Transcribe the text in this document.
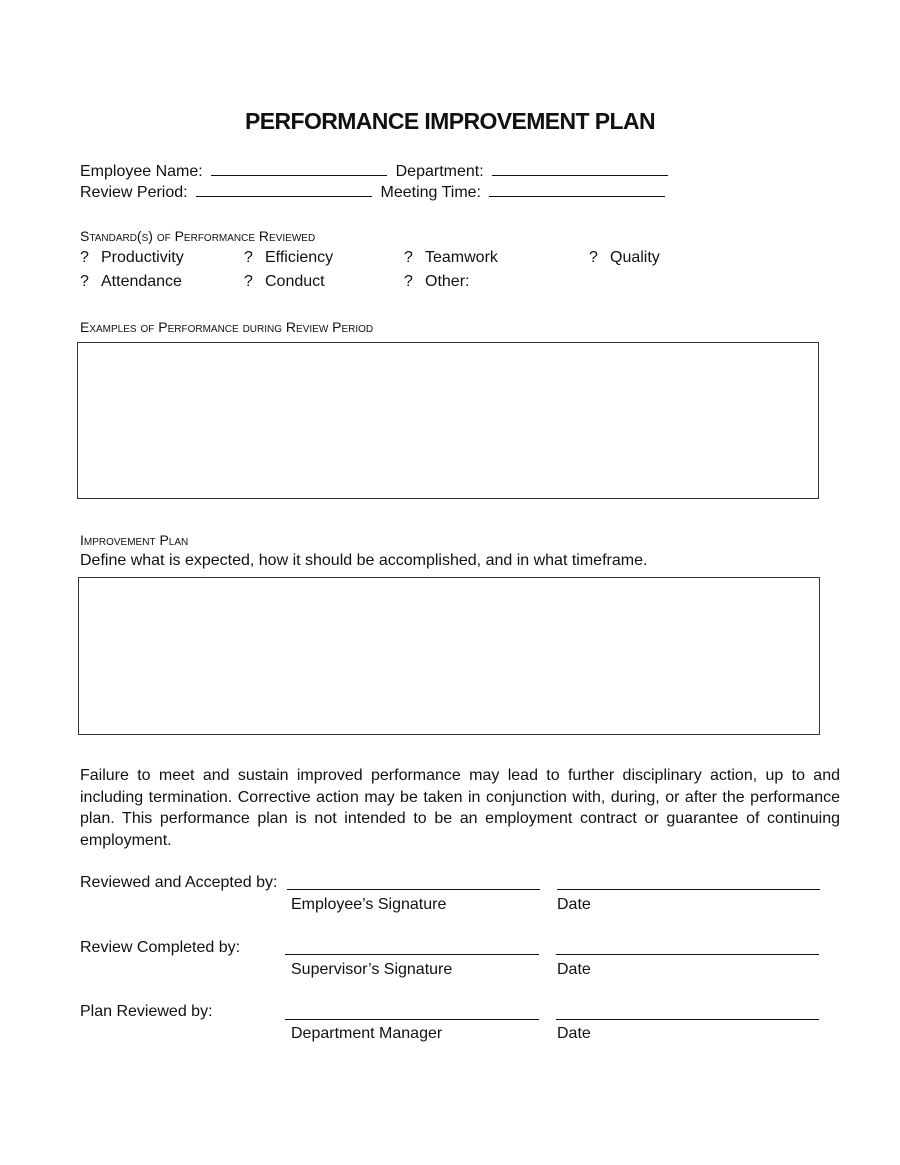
PERFORMANCE IMPROVEMENT PLAN
Employee Name:	Department:
Review Period:	Meeting Time:
Standard(s) of Performance Reviewed
? Productivity	? Efficiency	? Teamwork	? Quality
? Attendance	? Conduct	? Other:
Examples of Performance during Review Period
Improvement Plan
Define what is expected, how it should be accomplished, and in what timeframe.
Failure to meet and sustain improved performance may lead to further disciplinary action, up to and including termination. Corrective action may be taken in conjunction with, during, or after the performance plan. This performance plan is not intended to be an employment contract or guarantee of continuing employment.
Reviewed and Accepted by:
Employee’s Signature	Date
Review Completed by:
Supervisor’s Signature	Date
Plan Reviewed by:
Department Manager	Date
